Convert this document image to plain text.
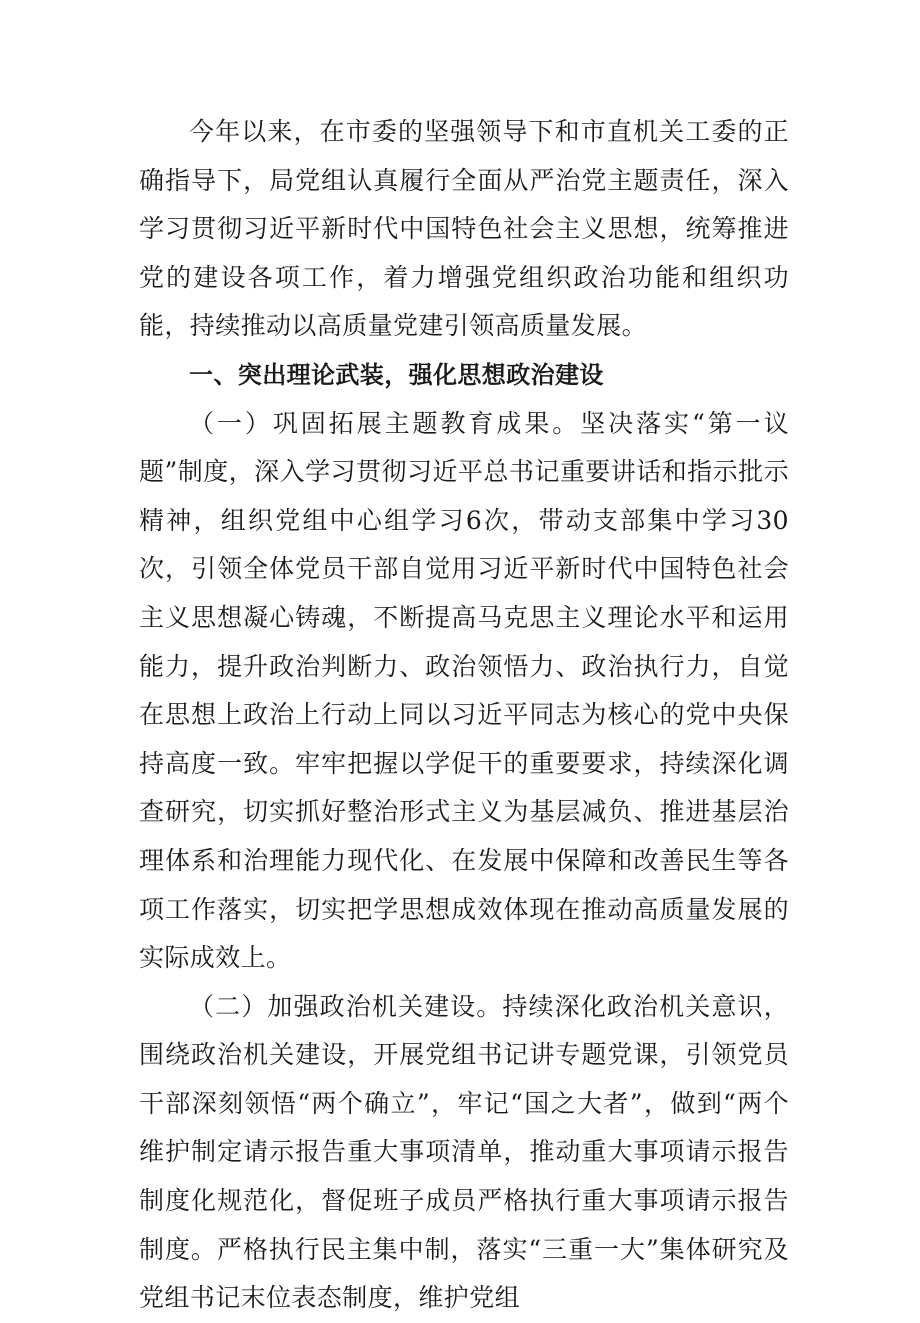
今年以来，在市委的坚强领导下和市直机关工委的正确指导下，局党组认真履行全面从严治党主题责任，深入学习贯彻习近平新时代中国特色社会主义思想，统筹推进党的建设各项工作，着力增强党组织政治功能和组织功能，持续推动以高质量党建引领高质量发展。

一、突出理论武装，强化思想政治建设

（一）巩固拓展主题教育成果。坚决落实“第一议题”制度，深入学习贯彻习近平总书记重要讲话和指示批示精神，组织党组中心组学习6次，带动支部集中学习30次，引领全体党员干部自觉用习近平新时代中国特色社会主义思想凝心铸魂，不断提高马克思主义理论水平和运用能力，提升政治判断力、政治领悟力、政治执行力，自觉在思想上政治上行动上同以习近平同志为核心的党中央保持高度一致。牢牢把握以学促干的重要要求，持续深化调查研究，切实抓好整治形式主义为基层减负、推进基层治理体系和治理能力现代化、在发展中保障和改善民生等各项工作落实，切实把学思想成效体现在推动高质量发展的实际成效上。

（二）加强政治机关建设。持续深化政治机关意识，围绕政治机关建设，开展党组书记讲专题党课，引领党员干部深刻领悟“两个确立”，牢记“国之大者”，做到“两个维护制定请示报告重大事项清单，推动重大事项请示报告制度化规范化，督促班子成员严格执行重大事项请示报告制度。严格执行民主集中制，落实“三重一大”集体研究及党组书记末位表态制度，维护党组
